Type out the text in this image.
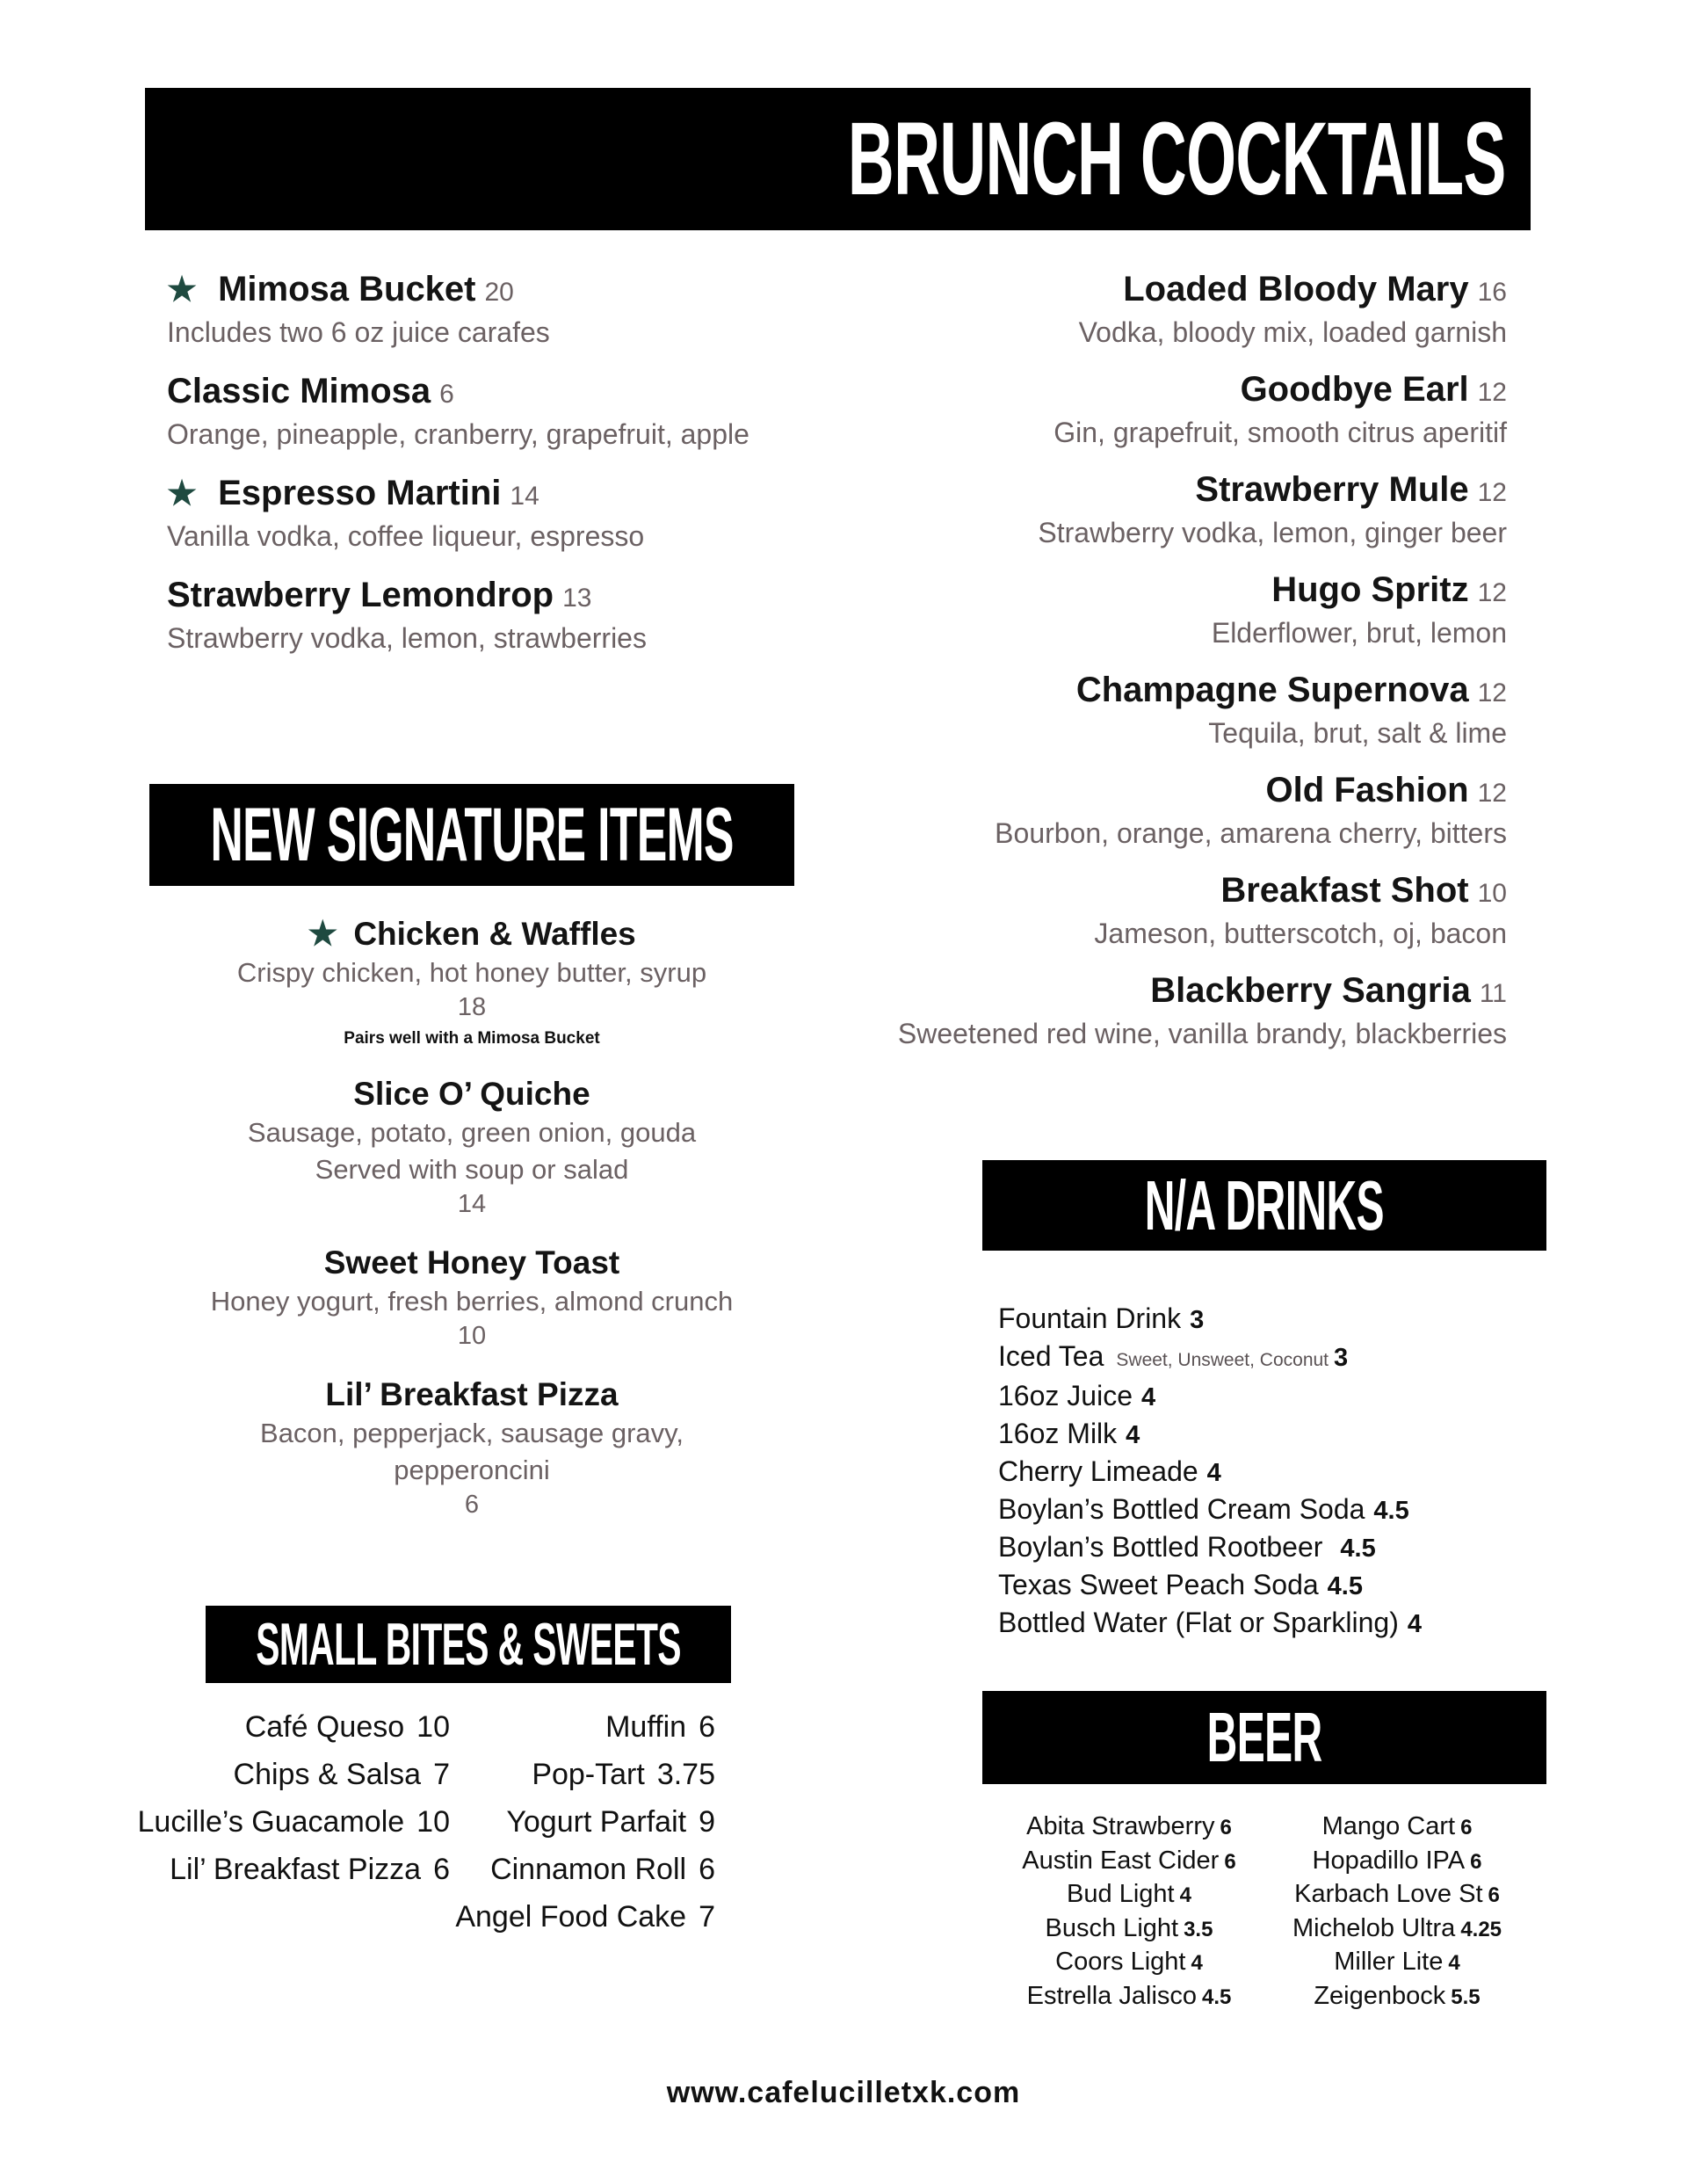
BRUNCH COCKTAILS
★ Mimosa Bucket 20
Includes two 6 oz juice carafes
Classic Mimosa 6
Orange, pineapple, cranberry, grapefruit, apple
★ Espresso Martini 14
Vanilla vodka, coffee liqueur, espresso
Strawberry Lemondrop 13
Strawberry vodka, lemon, strawberries
Loaded Bloody Mary 16
Vodka, bloody mix, loaded garnish
Goodbye Earl 12
Gin, grapefruit, smooth citrus aperitif
Strawberry Mule 12
Strawberry vodka, lemon, ginger beer
Hugo Spritz 12
Elderflower, brut, lemon
Champagne Supernova 12
Tequila, brut, salt & lime
Old Fashion 12
Bourbon, orange, amarena cherry, bitters
Breakfast Shot 10
Jameson, butterscotch, oj, bacon
Blackberry Sangria 11
Sweetened red wine, vanilla brandy, blackberries
NEW SIGNATURE ITEMS
★ Chicken & Waffles
Crispy chicken, hot honey butter, syrup
18
Pairs well with a Mimosa Bucket
Slice O’ Quiche
Sausage, potato, green onion, gouda
Served with soup or salad
14
Sweet Honey Toast
Honey yogurt, fresh berries, almond crunch
10
Lil’ Breakfast Pizza
Bacon, pepperjack, sausage gravy,
pepperoncini
6
SMALL BITES & SWEETS
Café Queso 10
Chips & Salsa 7
Lucille’s Guacamole 10
Lil’ Breakfast Pizza 6
Muffin 6
Pop-Tart 3.75
Yogurt Parfait 9
Cinnamon Roll 6
Angel Food Cake 7
N/A DRINKS
Fountain Drink 3
Iced Tea Sweet, Unsweet, Coconut 3
16oz Juice 4
16oz Milk 4
Cherry Limeade 4
Boylan’s Bottled Cream Soda 4.5
Boylan’s Bottled Rootbeer 4.5
Texas Sweet Peach Soda 4.5
Bottled Water (Flat or Sparkling) 4
BEER
Abita Strawberry 6
Austin East Cider 6
Bud Light 4
Busch Light 3.5
Coors Light 4
Estrella Jalisco 4.5
Mango Cart 6
Hopadillo IPA 6
Karbach Love St 6
Michelob Ultra 4.25
Miller Lite 4
Zeigenbock 5.5
www.cafelucilletxk.com
